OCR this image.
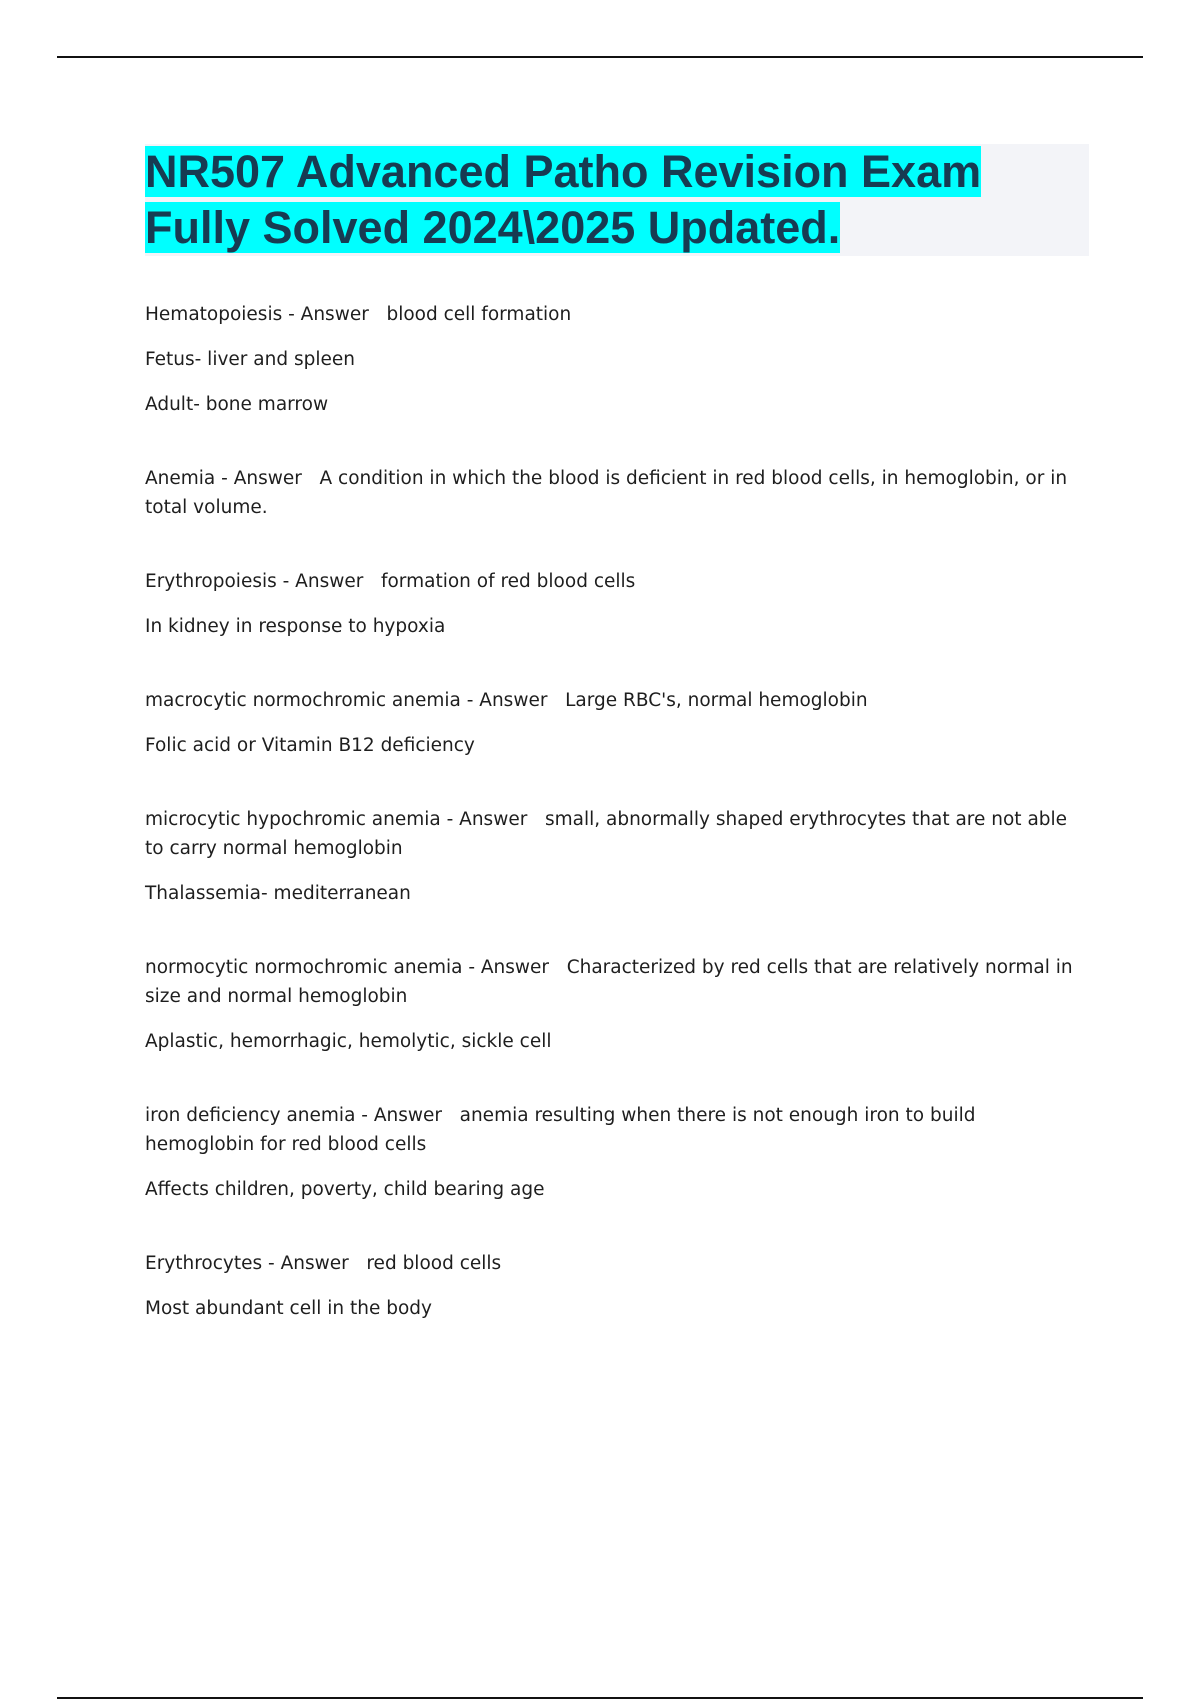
NR507 Advanced Patho Revision Exam
Fully Solved 2024\2025 Updated.

Hematopoiesis - Answer   blood cell formation

Fetus- liver and spleen

Adult- bone marrow

Anemia - Answer   A condition in which the blood is deficient in red blood cells, in hemoglobin, or in total volume.

Erythropoiesis - Answer   formation of red blood cells

In kidney in response to hypoxia

macrocytic normochromic anemia - Answer   Large RBC's, normal hemoglobin

Folic acid or Vitamin B12 deficiency

microcytic hypochromic anemia - Answer   small, abnormally shaped erythrocytes that are not able to carry normal hemoglobin

Thalassemia- mediterranean

normocytic normochromic anemia - Answer   Characterized by red cells that are relatively normal in size and normal hemoglobin

Aplastic, hemorrhagic, hemolytic, sickle cell

iron deficiency anemia - Answer   anemia resulting when there is not enough iron to build hemoglobin for red blood cells

Affects children, poverty, child bearing age

Erythrocytes - Answer   red blood cells

Most abundant cell in the body
